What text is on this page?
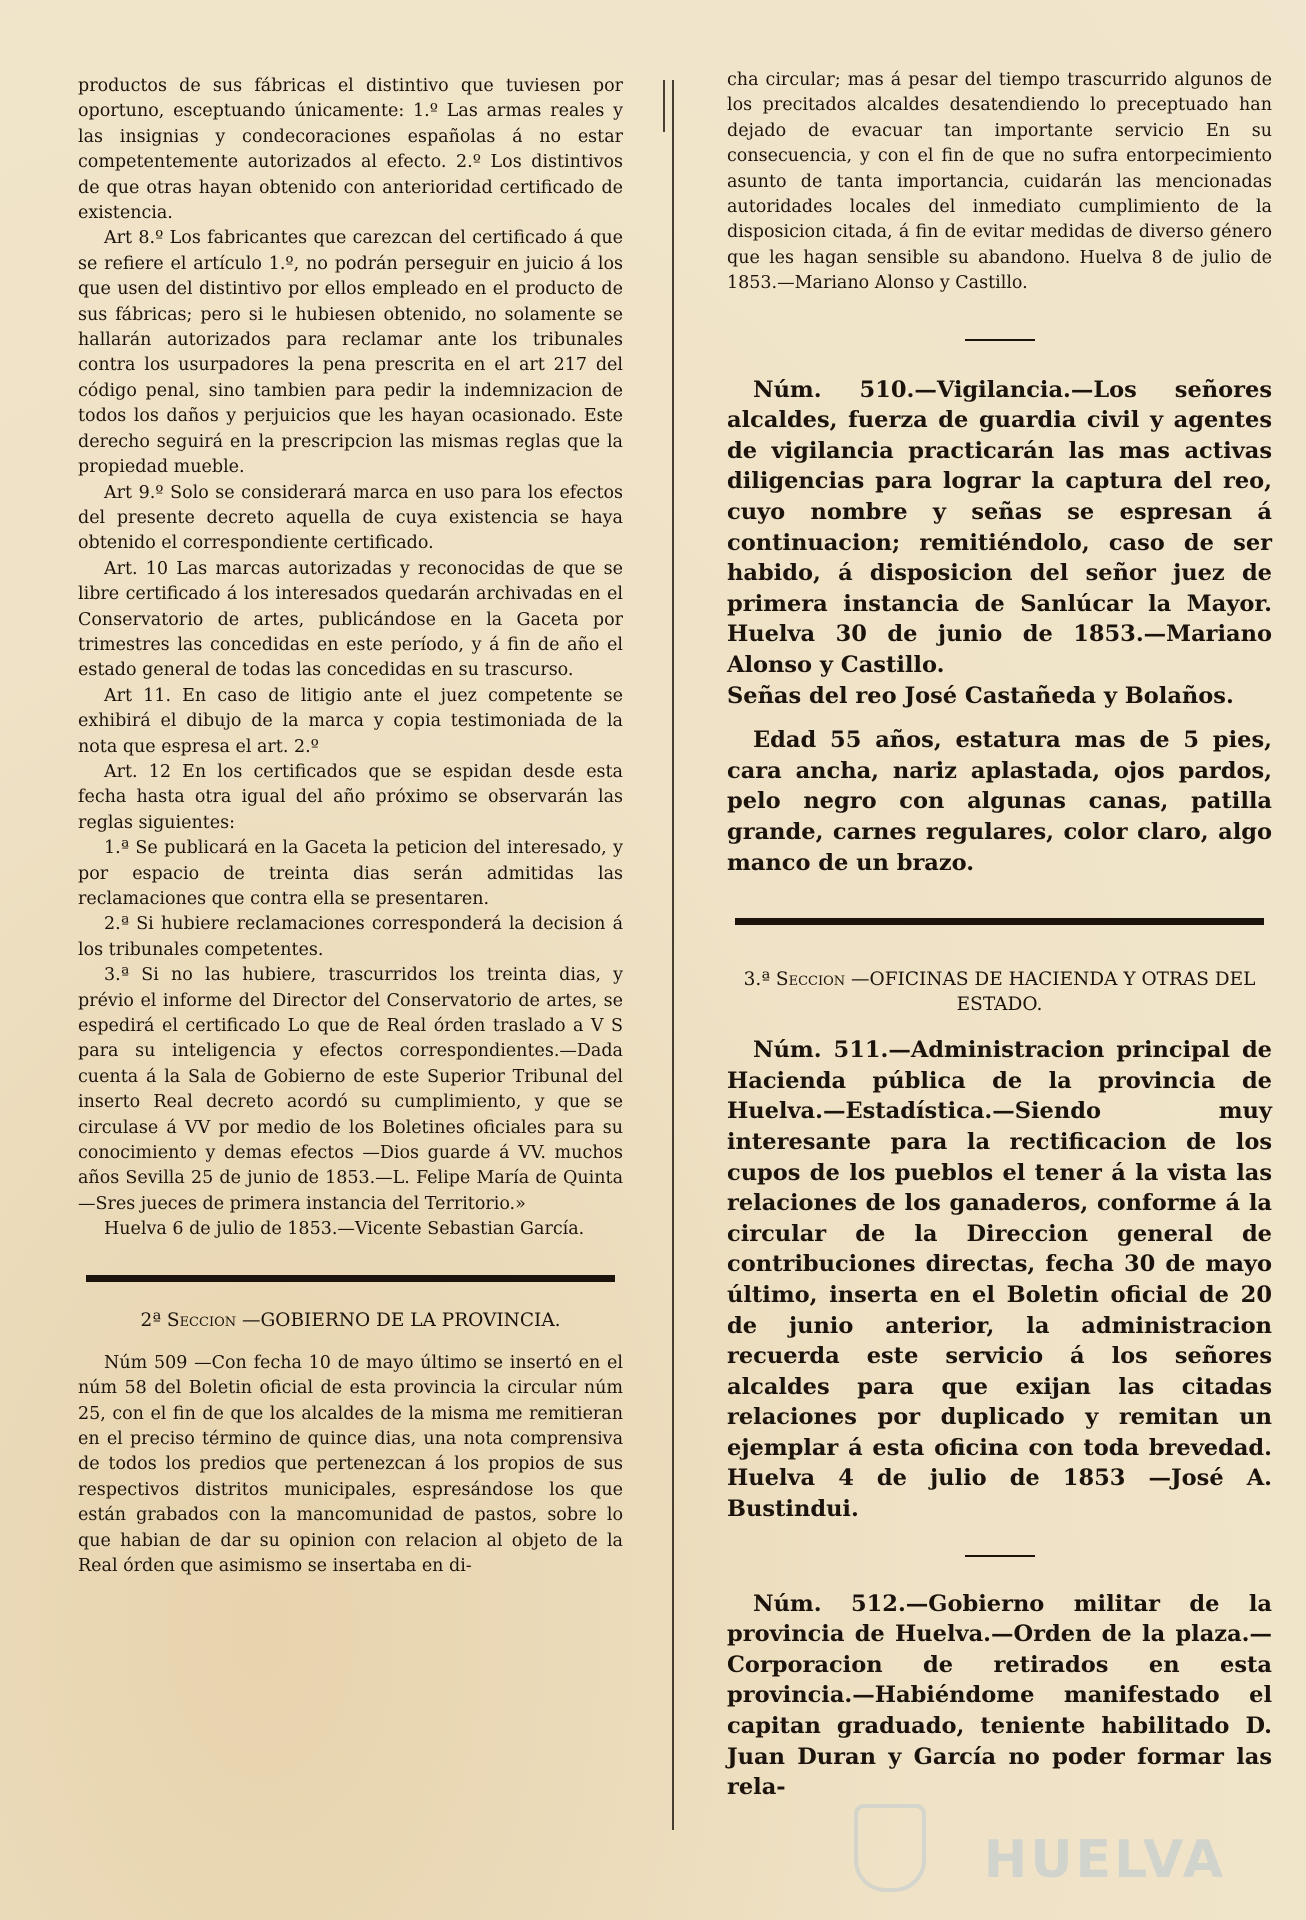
productos de sus fábricas el distintivo que tuviesen por oportuno, esceptuando únicamente: 1.º Las armas reales y las insignias y condecoraciones españolas á no estar competentemente autorizados al efecto. 2.º Los distintivos de que otras hayan obtenido con anterioridad certificado de existencia.

Art 8.º Los fabricantes que carezcan del certificado á que se refiere el artículo 1.º, no podrán perseguir en juicio á los que usen del distintivo por ellos empleado en el producto de sus fábricas; pero si le hubiesen obtenido, no solamente se hallarán autorizados para reclamar ante los tribunales contra los usurpadores la pena prescrita en el art 217 del código penal, sino tambien para pedir la indemnizacion de todos los daños y perjuicios que les hayan ocasionado. Este derecho seguirá en la prescripcion las mismas reglas que la propiedad mueble.

Art 9.º Solo se considerará marca en uso para los efectos del presente decreto aquella de cuya existencia se haya obtenido el correspondiente certificado.

Art. 10 Las marcas autorizadas y reconocidas de que se libre certificado á los interesados quedarán archivadas en el Conservatorio de artes, publicándose en la Gaceta por trimestres las concedidas en este período, y á fin de año el estado general de todas las concedidas en su trascurso.

Art 11. En caso de litigio ante el juez competente se exhibirá el dibujo de la marca y copia testimoniada de la nota que espresa el art. 2.º

Art. 12 En los certificados que se espidan desde esta fecha hasta otra igual del año próximo se observarán las reglas siguientes:

1.ª Se publicará en la Gaceta la peticion del interesado, y por espacio de treinta dias serán admitidas las reclamaciones que contra ella se presentaren.

2.ª Si hubiere reclamaciones corresponderá la decision á los tribunales competentes.

3.ª Si no las hubiere, trascurridos los treinta dias, y prévio el informe del Director del Conservatorio de artes, se espedirá el certificado Lo que de Real órden traslado a V S para su inteligencia y efectos correspondientes.—Dada cuenta á la Sala de Gobierno de este Superior Tribunal del inserto Real decreto acordó su cumplimiento, y que se circulase á VV por medio de los Boletines oficiales para su conocimiento y demas efectos —Dios guarde á VV. muchos años Sevilla 25 de junio de 1853.—L. Felipe María de Quinta —Sres jueces de primera instancia del Territorio.»

Huelva 6 de julio de 1853.—Vicente Sebastian García.

2ª Seccion —GOBIERNO DE LA PROVINCIA.

Núm 509 —Con fecha 10 de mayo último se insertó en el núm 58 del Boletin oficial de esta provincia la circular núm 25, con el fin de que los alcaldes de la misma me remitieran en el preciso término de quince dias, una nota comprensiva de todos los predios que pertenezcan á los propios de sus respectivos distritos municipales, espresándose los que están grabados con la mancomunidad de pastos, sobre lo que habian de dar su opinion con relacion al objeto de la Real órden que asimismo se insertaba en di-

cha circular; mas á pesar del tiempo trascurrido algunos de los precitados alcaldes desatendiendo lo preceptuado han dejado de evacuar tan importante servicio En su consecuencia, y con el fin de que no sufra entorpecimiento asunto de tanta importancia, cuidarán las mencionadas autoridades locales del inmediato cumplimiento de la disposicion citada, á fin de evitar medidas de diverso género que les hagan sensible su abandono. Huelva 8 de julio de 1853.—Mariano Alonso y Castillo.

Núm. 510.—Vigilancia.—Los señores alcaldes, fuerza de guardia civil y agentes de vigilancia practicarán las mas activas diligencias para lograr la captura del reo, cuyo nombre y señas se espresan á continuacion; remitiéndolo, caso de ser habido, á disposicion del señor juez de primera instancia de Sanlúcar la Mayor. Huelva 30 de junio de 1853.—Mariano Alonso y Castillo.

Señas del reo José Castañeda y Bolaños.

Edad 55 años, estatura mas de 5 pies, cara ancha, nariz aplastada, ojos pardos, pelo negro con algunas canas, patilla grande, carnes regulares, color claro, algo manco de un brazo.

3.ª Seccion —OFICINAS DE HACIENDA Y OTRAS DEL ESTADO.

Núm. 511.—Administracion principal de Hacienda pública de la provincia de Huelva.—Estadística.—Siendo muy interesante para la rectificacion de los cupos de los pueblos el tener á la vista las relaciones de los ganaderos, conforme á la circular de la Direccion general de contribuciones directas, fecha 30 de mayo último, inserta en el Boletin oficial de 20 de junio anterior, la administracion recuerda este servicio á los señores alcaldes para que exijan las citadas relaciones por duplicado y remitan un ejemplar á esta oficina con toda brevedad. Huelva 4 de julio de 1853 —José A. Bustindui.

Núm. 512.—Gobierno militar de la provincia de Huelva.—Orden de la plaza.—Corporacion de retirados en esta provincia.—Habiéndome manifestado el capitan graduado, teniente habilitado D. Juan Duran y García no poder formar las rela-

HUELVA
